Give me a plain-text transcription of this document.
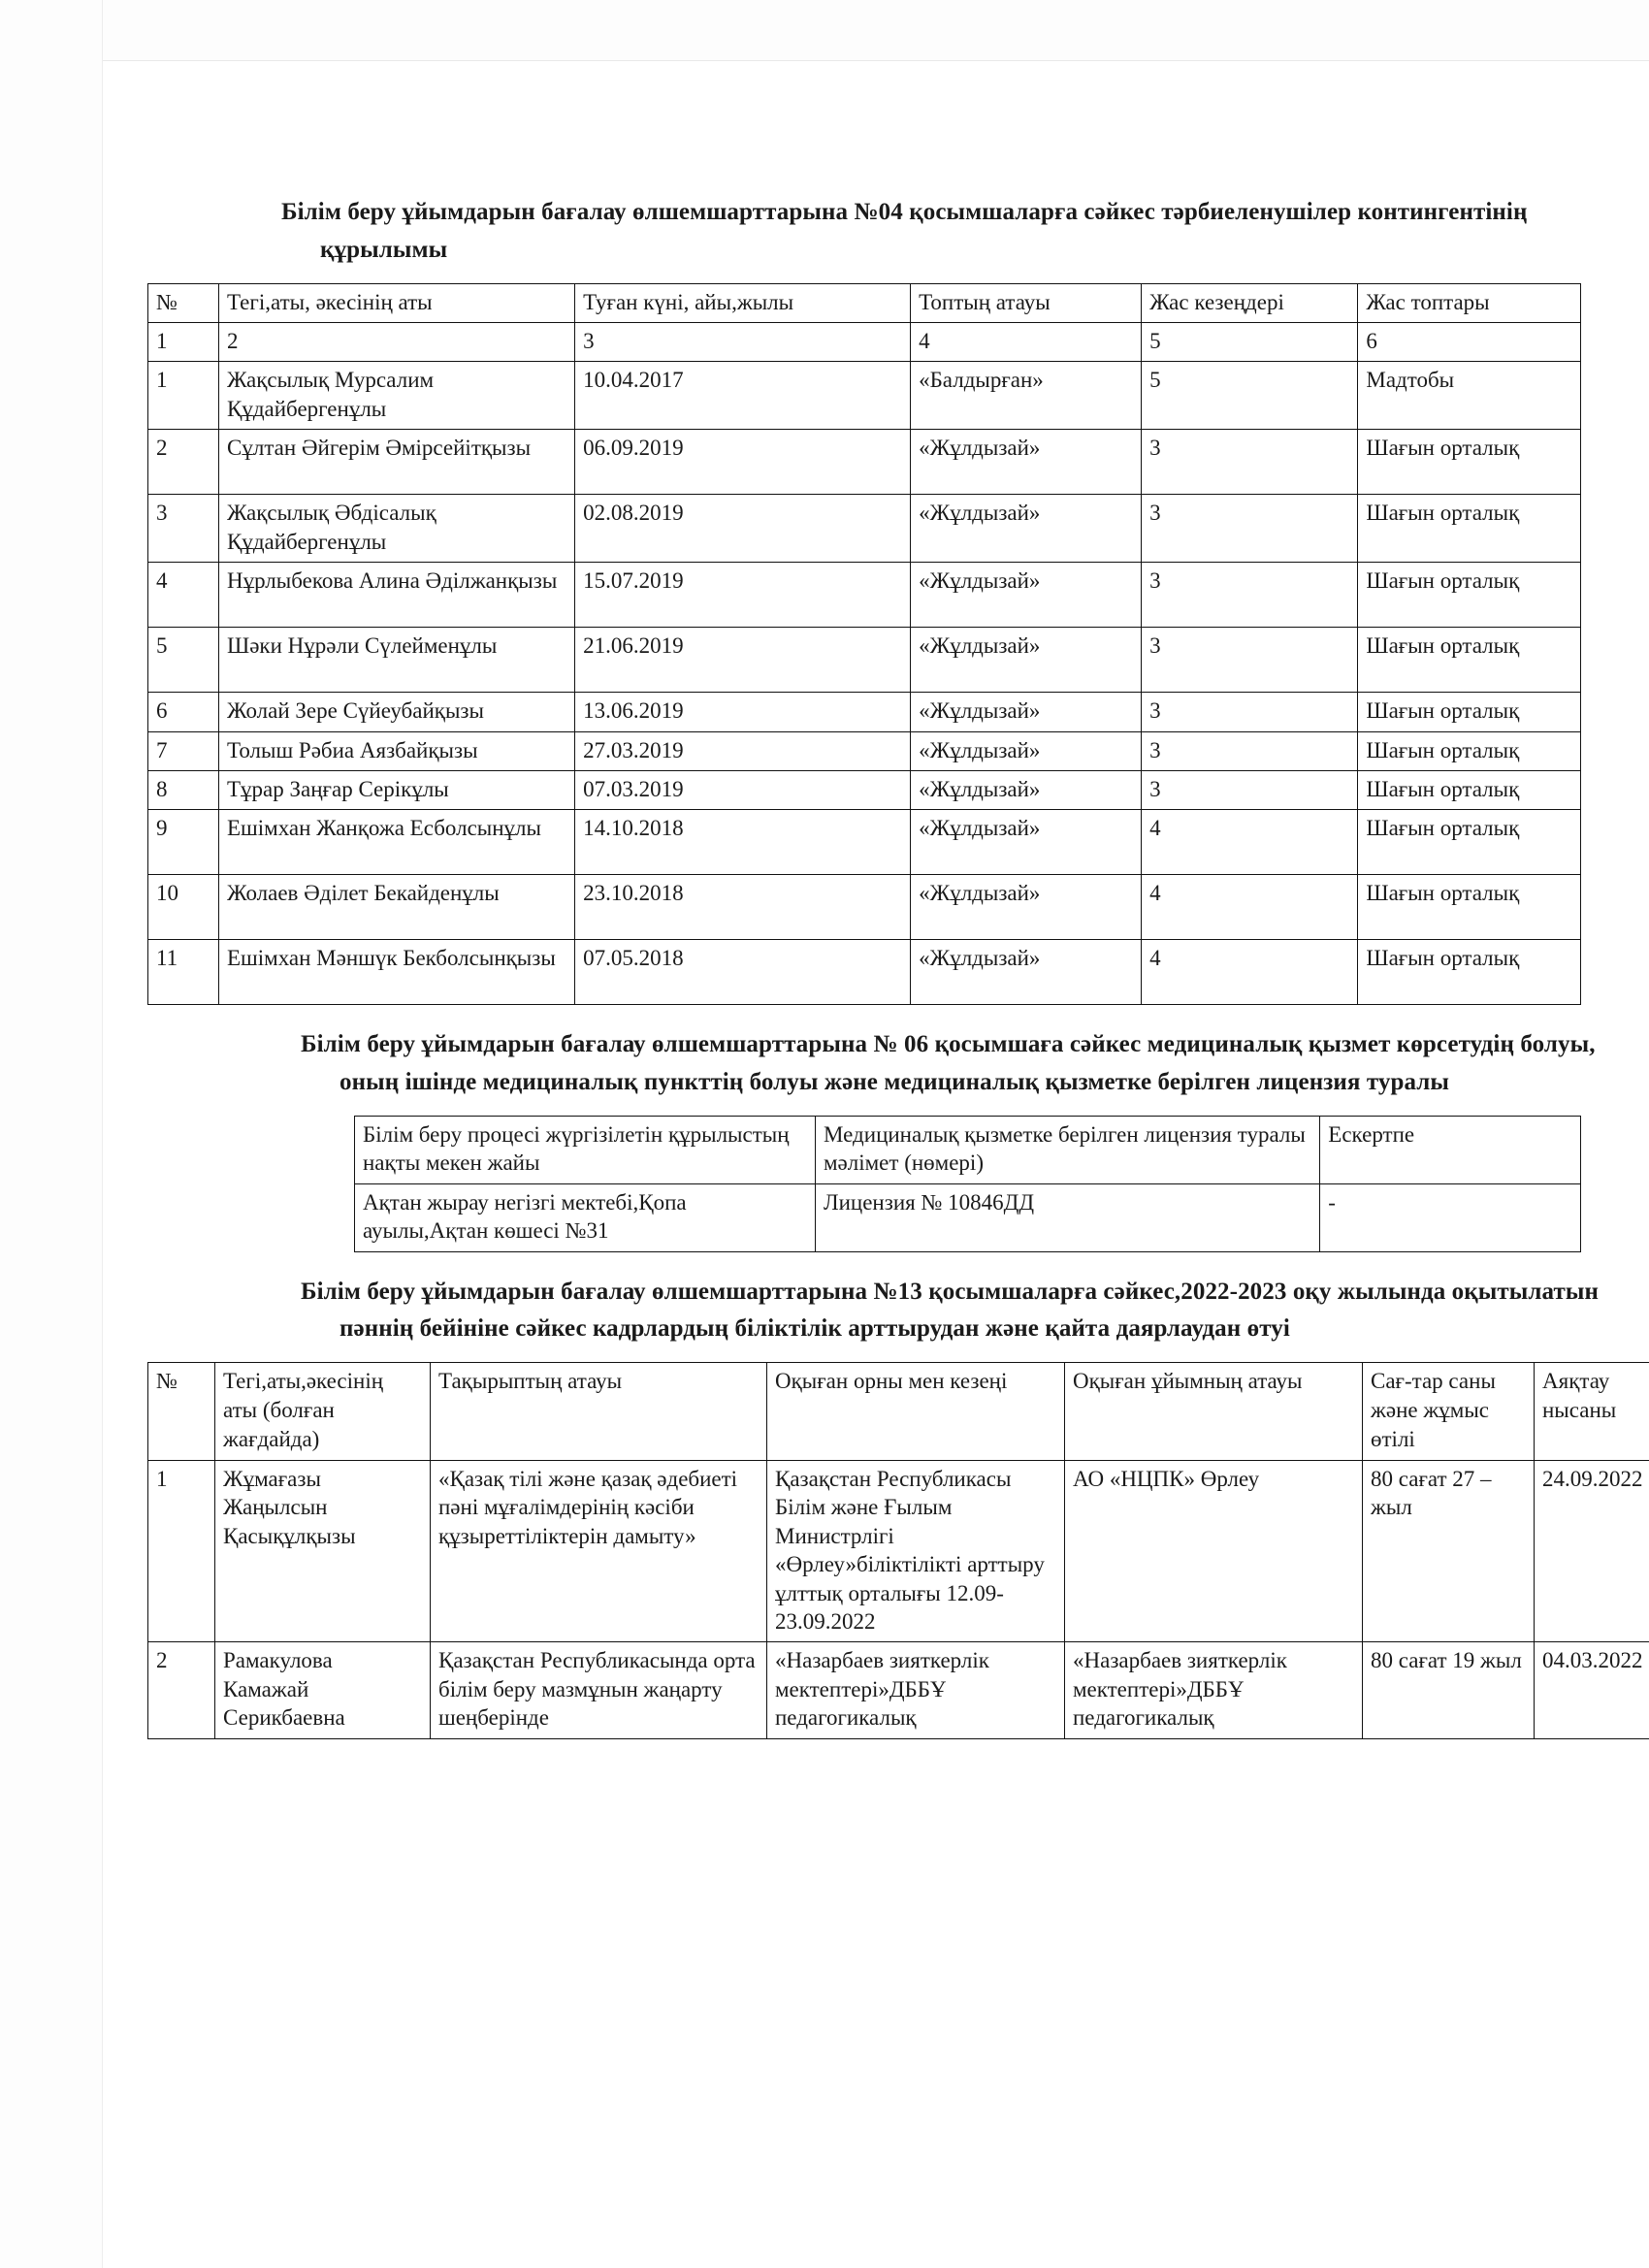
Білім беру ұйымдарын бағалау өлшемшарттарына №04 қосымшаларға сәйкес тәрбиеленушілер контингентінің құрылымы
№	Тегі,аты, әкесінің аты	Туған күні, айы,жылы	Топтың атауы	Жас кезеңдері	Жас топтары
1	2	3	4	5	6
1	Жақсылық Мурсалим Құдайбергенұлы	10.04.2017	«Балдырған»	5	Мадтобы
2	Сұлтан Әйгерім Әмірсейітқызы	06.09.2019	«Жұлдызай»	3	Шағын орталық
3	Жақсылық Әбдісалық Құдайбергенұлы	02.08.2019	«Жұлдызай»	3	Шағын орталық
4	Нұрлыбекова Алина Әділжанқызы	15.07.2019	«Жұлдызай»	3	Шағын орталық
5	Шәки Нұрәли Сүлейменұлы	21.06.2019	«Жұлдызай»	3	Шағын орталық
6	Жолай Зере Сүйеубайқызы	13.06.2019	«Жұлдызай»	3	Шағын орталық
7	Толыш Рәбиа Аязбайқызы	27.03.2019	«Жұлдызай»	3	Шағын орталық
8	Тұрар Заңғар Серікұлы	07.03.2019	«Жұлдызай»	3	Шағын орталық
9	Ешімхан Жанқожа Есболсынұлы	14.10.2018	«Жұлдызай»	4	Шағын орталық
10	Жолаев Әділет Бекайденұлы	23.10.2018	«Жұлдызай»	4	Шағын орталық
11	Ешімхан Мәншүк Бекболсынқызы	07.05.2018	«Жұлдызай»	4	Шағын орталық
Білім беру ұйымдарын бағалау өлшемшарттарына № 06 қосымшаға сәйкес медициналық қызмет көрсетудің болуы, оның ішінде медициналық пункттің болуы және медициналық қызметке берілген лицензия туралы
Білім беру процесі жүргізілетін құрылыстың нақты мекен жайы	Медициналық қызметке берілген лицензия туралы мәлімет (нөмері)	Ескертпе
Ақтан жырау негізгі мектебі,Қопа ауылы,Ақтан көшесі №31	Лицензия № 10846ДД	-
Білім беру ұйымдарын бағалау өлшемшарттарына №13 қосымшаларға сәйкес,2022-2023 оқу жылында оқытылатын пәннің бейініне сәйкес кадрлардың біліктілік арттырудан және қайта даярлаудан өтуі
№	Тегі,аты,әкесінің аты (болған жағдайда)	Тақырыптың атауы	Оқыған орны мен кезеңі	Оқыған ұйымның атауы	Сағ-тар саны және жұмыс өтілі	Аяқтау нысаны
1	Жұмағазы Жаңылсын Қасықұлқызы	«Қазақ тілі және қазақ әдебиеті пәні мұғалімдерінің кәсіби құзыреттіліктерін дамыту»	Қазақстан Республикасы Білім және Ғылым Министрлігі «Өрлеу»біліктілікті арттыру ұлттық орталығы 12.09-23.09.2022	АО «НЦПК» Өрлеу	80 сағат 27 –жыл	24.09.2022
2	Рамакулова Камажай Серикбаевна	Қазақстан Республикасында орта білім беру мазмұнын жаңарту шеңберінде	«Назарбаев зияткерлік мектептері»ДББҰ педагогикалық	«Назарбаев зияткерлік мектептері»ДББҰ педагогикалық	80 сағат 19 жыл	04.03.2022
